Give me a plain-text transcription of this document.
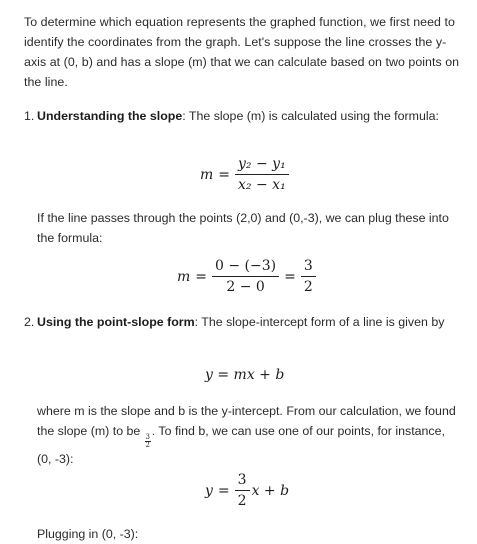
To determine which equation represents the graphed function, we first need to identify the coordinates from the graph. Let's suppose the line crosses the y-axis at (0, b) and has a slope (m) that we can calculate based on two points on the line.

1. Understanding the slope: The slope (m) is calculated using the formula:
$m = \frac{\text{y₂ − y₁}}{\text{x₂ − x₁}}$

If the line passes through the points (2,0) and (0,-3), we can plug these into the formula:

$m = \frac{0 - (-3)}{2 - 0} = \frac{3}{2}$
2. Using the point-slope form: The slope-intercept form of a line is given by
y = mx + b

where m is the slope and b is the y-intercept. From our calculation, we found the slope (m) to be
$\frac{3}{2}$
. To find b, we can use one of our points, for instance, (0, -3):

$y = \frac{3}{2}$ x + b

Plugging in (0, -3):
